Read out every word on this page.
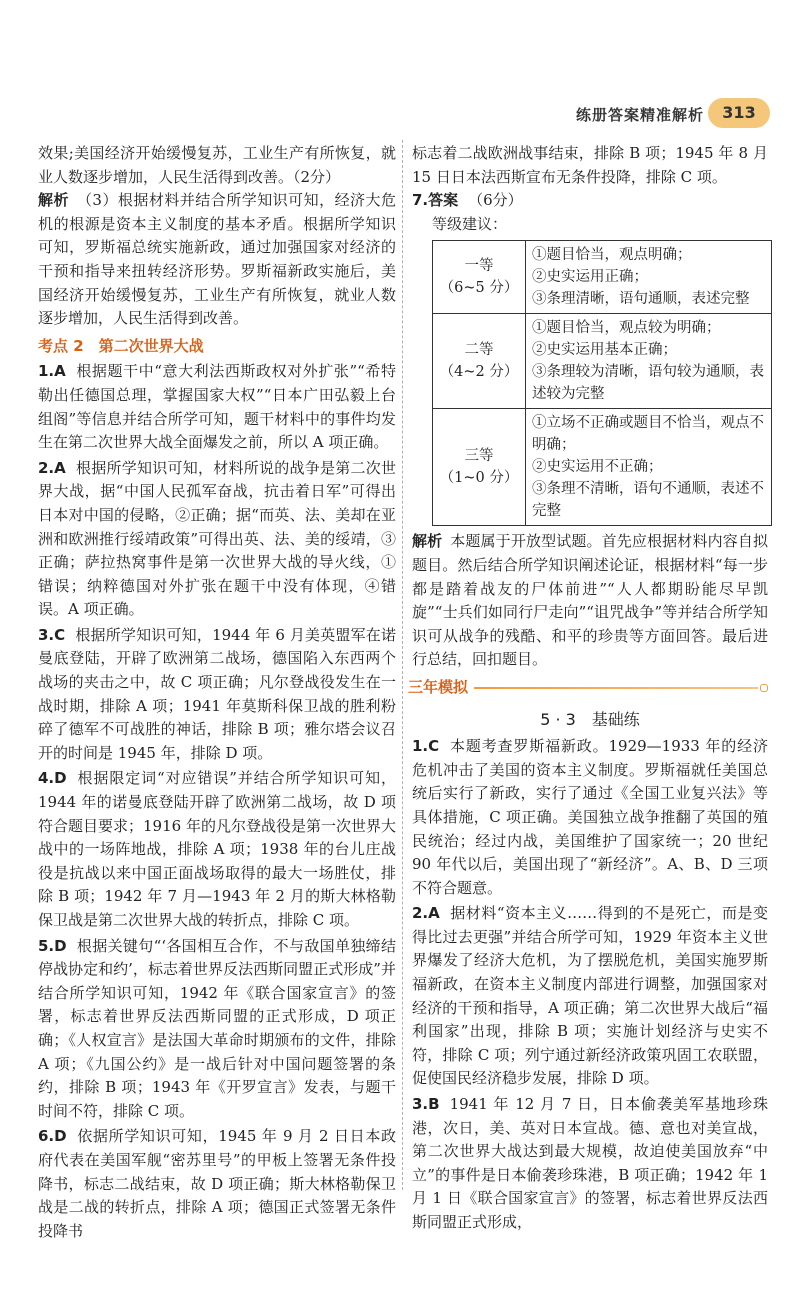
练册答案精准解析	313

效果;美国经济开始缓慢复苏，工业生产有所恢复，就业人数逐步增加，人民生活得到改善。（2分）

解析 （3）根据材料并结合所学知识可知，经济大危机的根源是资本主义制度的基本矛盾。根据所学知识可知，罗斯福总统实施新政，通过加强国家对经济的干预和指导来扭转经济形势。罗斯福新政实施后，美国经济开始缓慢复苏，工业生产有所恢复，就业人数逐步增加，人民生活得到改善。

考点 2　第二次世界大战

1.A 根据题干中“意大利法西斯政权对外扩张”“希特勒出任德国总理，掌握国家大权”“日本广田弘毅上台组阁”等信息并结合所学可知，题干材料中的事件均发生在第二次世界大战全面爆发之前，所以 A 项正确。

2.A 根据所学知识可知，材料所说的战争是第二次世界大战，据“中国人民孤军奋战，抗击着日军”可得出日本对中国的侵略，②正确；据“而英、法、美却在亚洲和欧洲推行绥靖政策”可得出英、法、美的绥靖，③正确；萨拉热窝事件是第一次世界大战的导火线，①错误；纳粹德国对外扩张在题干中没有体现，④错误。A 项正确。

3.C 根据所学知识可知，1944 年 6 月美英盟军在诺曼底登陆，开辟了欧洲第二战场，德国陷入东西两个战场的夹击之中，故 C 项正确；凡尔登战役发生在一战时期，排除 A 项；1941 年莫斯科保卫战的胜利粉碎了德军不可战胜的神话，排除 B 项；雅尔塔会议召开的时间是 1945 年，排除 D 项。

4.D 根据限定词“对应错误”并结合所学知识可知，1944 年的诺曼底登陆开辟了欧洲第二战场，故 D 项符合题目要求；1916 年的凡尔登战役是第一次世界大战中的一场阵地战，排除 A 项；1938 年的台儿庄战役是抗战以来中国正面战场取得的最大一场胜仗，排除 B 项；1942 年 7 月—1943 年 2 月的斯大林格勒保卫战是第二次世界大战的转折点，排除 C 项。

5.D 根据关键句“‘各国相互合作，不与敌国单独缔结停战协定和约’，标志着世界反法西斯同盟正式形成”并结合所学知识可知，1942 年《联合国家宣言》的签署，标志着世界反法西斯同盟的正式形成，D 项正确；《人权宣言》是法国大革命时期颁布的文件，排除 A 项；《九国公约》是一战后针对中国问题签署的条约，排除 B 项；1943 年《开罗宣言》发表，与题干时间不符，排除 C 项。

6.D 依据所学知识可知，1945 年 9 月 2 日日本政府代表在美国军舰“密苏里号”的甲板上签署无条件投降书，标志二战结束，故 D 项正确；斯大林格勒保卫战是二战的转折点，排除 A 项；德国正式签署无条件投降书

标志着二战欧洲战事结束，排除 B 项；1945 年 8 月 15 日日本法西斯宣布无条件投降，排除 C 项。

7.答案 （6分）

等级建议：

一等
（6~5 分）	①题目恰当，观点明确；
②史实运用正确；
③条理清晰，语句通顺，表述完整

二等
（4~2 分）	①题目恰当，观点较为明确；
②史实运用基本正确；
③条理较为清晰，语句较为通顺，表述较为完整

三等
（1~0 分）	①立场不正确或题目不恰当，观点不明确；
②史实运用不正确；
③条理不清晰，语句不通顺，表述不完整

解析 本题属于开放型试题。首先应根据材料内容自拟题目。然后结合所学知识阐述论证，根据材料“每一步都是踏着战友的尸体前进”“人人都期盼能尽早凯旋”“士兵们如同行尸走向”“诅咒战争”等并结合所学知识可从战争的残酷、和平的珍贵等方面回答。最后进行总结，回扣题目。

三年模拟
5 · 3　基础练

1.C 本题考查罗斯福新政。1929—1933 年的经济危机冲击了美国的资本主义制度。罗斯福就任美国总统后实行了新政，实行了通过《全国工业复兴法》等具体措施，C 项正确。美国独立战争推翻了英国的殖民统治；经过内战，美国维护了国家统一；20 世纪 90 年代以后，美国出现了“新经济”。A、B、D 三项不符合题意。

2.A 据材料“资本主义……得到的不是死亡，而是变得比过去更强”并结合所学可知，1929 年资本主义世界爆发了经济大危机，为了摆脱危机，美国实施罗斯福新政，在资本主义制度内部进行调整，加强国家对经济的干预和指导，A 项正确；第二次世界大战后“福利国家”出现，排除 B 项；实施计划经济与史实不符，排除 C 项；列宁通过新经济政策巩固工农联盟，促使国民经济稳步发展，排除 D 项。

3.B 1941 年 12 月 7 日，日本偷袭美军基地珍珠港，次日，美、英对日本宣战。德、意也对美宣战，第二次世界大战达到最大规模，故迫使美国放弃“中立”的事件是日本偷袭珍珠港，B 项正确；1942 年 1 月 1 日《联合国家宣言》的签署，标志着世界反法西斯同盟正式形成，
